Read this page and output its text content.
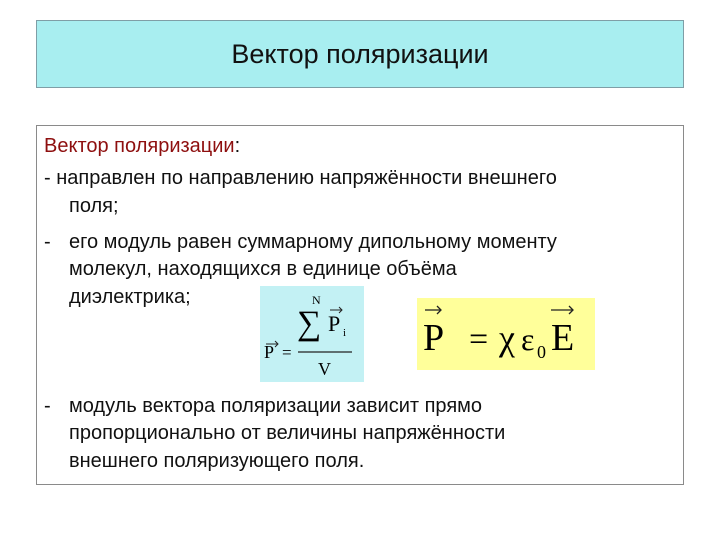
Вектор поляризации
Вектор поляризации:
- направлен по направлению напряжённости внешнего
поля;
- его модуль равен суммарному дипольному моменту
молекул, находящихся в единице объёма
диэлектрика;	N
∑ P i
P =
V
P = χ ε 0 E
- модуль вектора поляризации зависит прямо
пропорционально от величины напряжённости
внешнего поляризующего поля.
